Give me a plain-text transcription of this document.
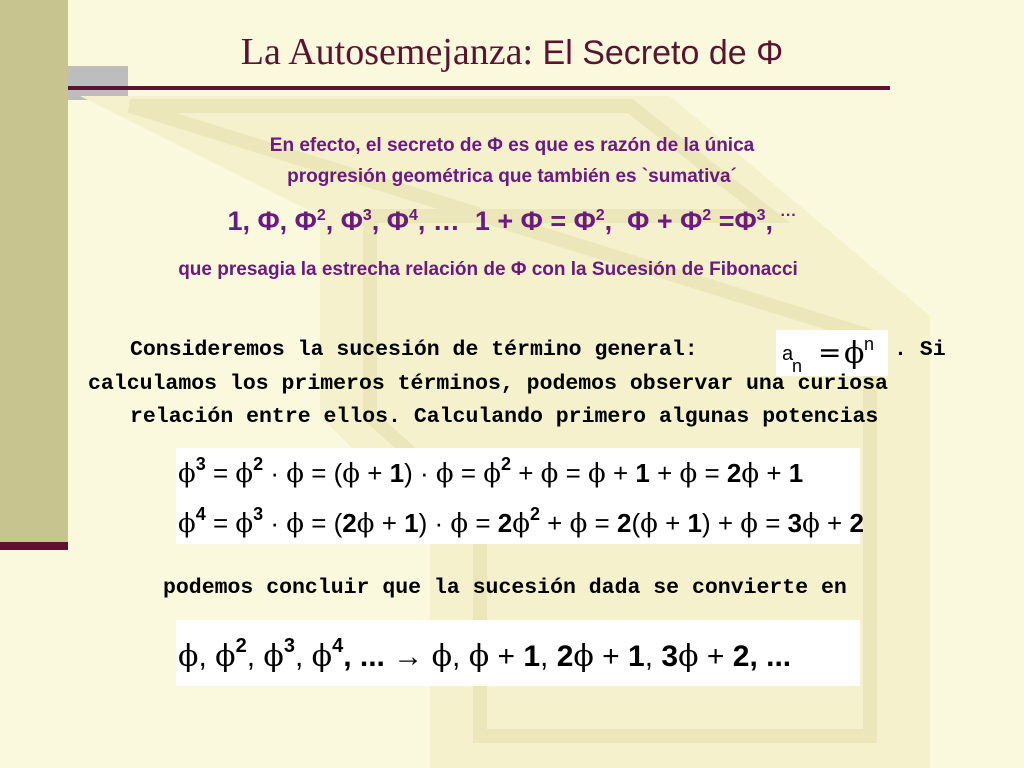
La Autosemejanza: El Secreto de Φ
En efecto, el secreto de Φ es que es razón de la única
progresión geométrica que también es `sumativa´
1, Φ, $\Phi^2$, $\Phi^3$, $\Phi^4$, …  $1 + \Phi = \Phi^2$,  $\Phi + \Phi^2 =\Phi^3$, ···
que presagia la estrecha relación de Φ con la Sucesión de Fibonacci
Consideremos la sucesión de término general:	a
n = ϕ n . Si
calculamos los primeros términos, podemos observar una curiosa
relación entre ellos. Calculando primero algunas potencias
$\phi^3 = \phi^2 \cdot \phi = (\phi + 1) \cdot \phi = \phi^2 + \phi = \phi + 1 + \phi = 2\phi + 1$
$\phi^4 = \phi^3 \cdot \phi = (2\phi + 1) \cdot \phi = 2\phi^2 + \phi = 2(\phi + 1) + \phi = 3\phi + 2$
podemos concluir que la sucesión dada se convierte en
ϕ, $\phi^2$, $\phi^3$, $\phi^4$, ... → ϕ, ϕ + 1, 2ϕ + 1, 3ϕ + 2, ...
